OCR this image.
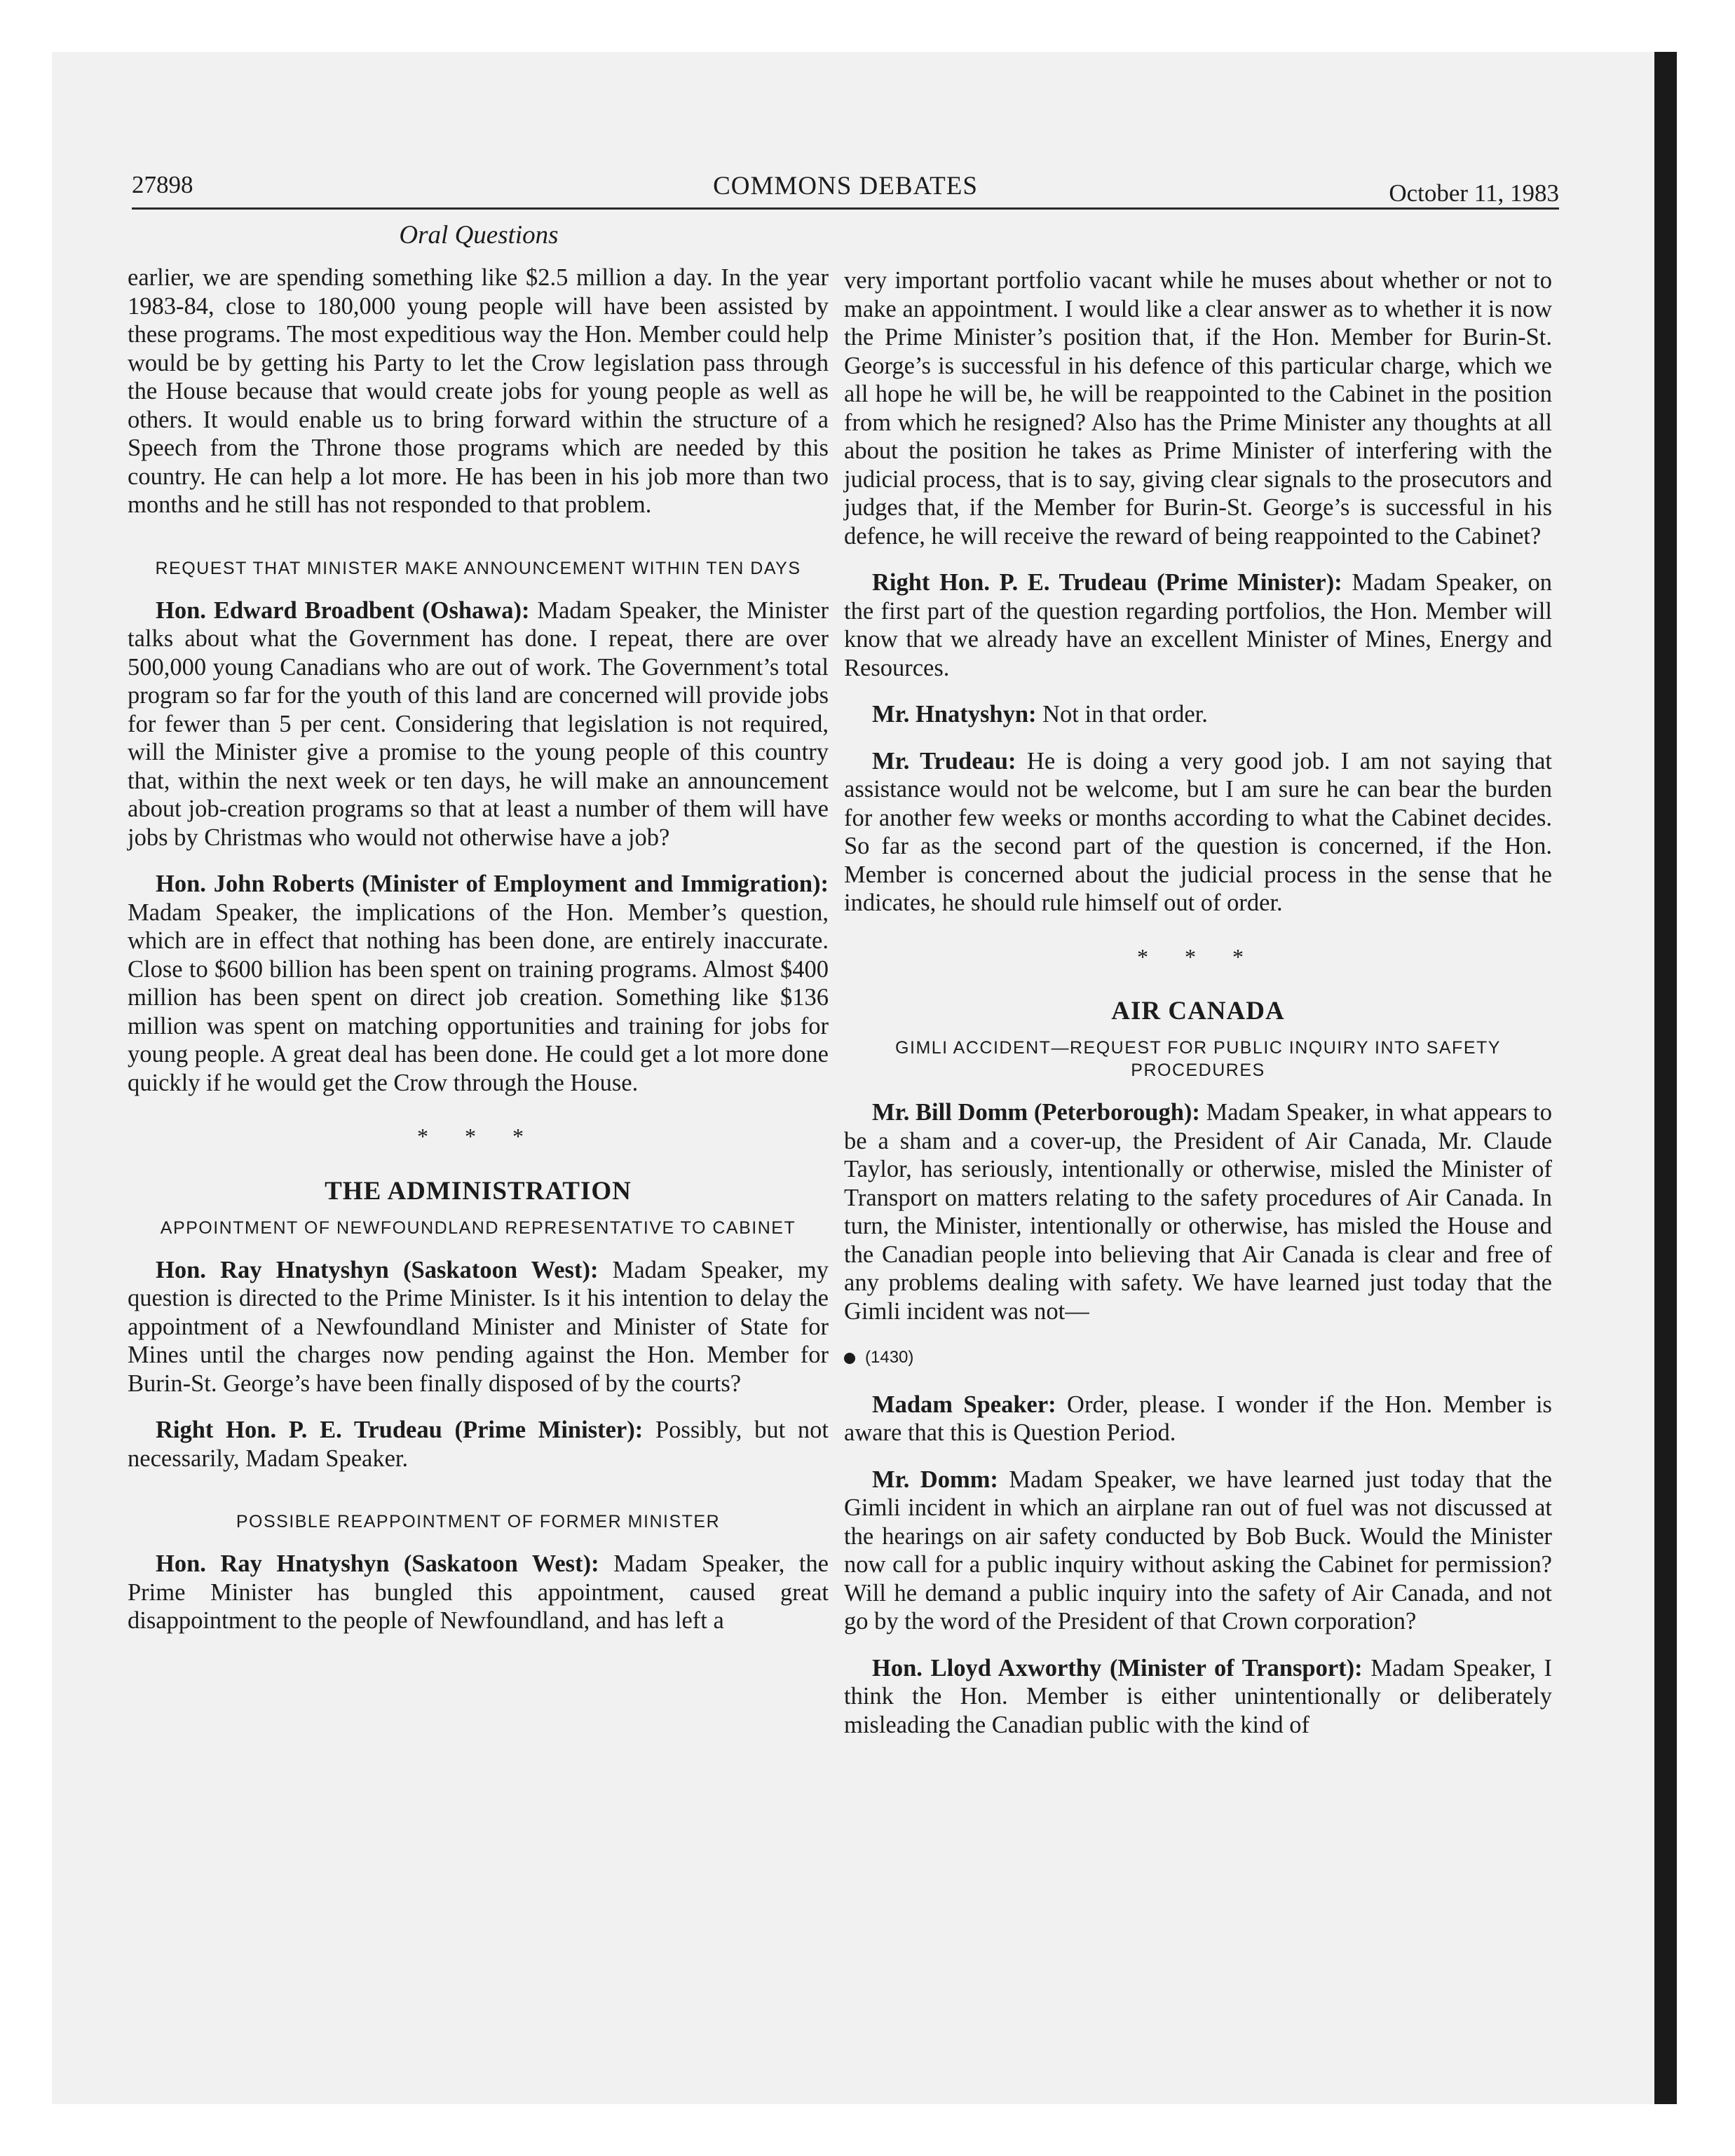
27898	COMMONS DEBATES	October 11, 1983
Oral Questions

earlier, we are spending something like $2.5 million a day. In the year 1983-84, close to 180,000 young people will have been assisted by these programs. The most expeditious way the Hon. Member could help would be by getting his Party to let the Crow legislation pass through the House because that would create jobs for young people as well as others. It would enable us to bring forward within the structure of a Speech from the Throne those programs which are needed by this country. He can help a lot more. He has been in his job more than two months and he still has not responded to that problem.

REQUEST THAT MINISTER MAKE ANNOUNCEMENT WITHIN TEN DAYS

Hon. Edward Broadbent (Oshawa): Madam Speaker, the Minister talks about what the Government has done. I repeat, there are over 500,000 young Canadians who are out of work. The Government’s total program so far for the youth of this land are concerned will provide jobs for fewer than 5 per cent. Considering that legislation is not required, will the Minister give a promise to the young people of this country that, within the next week or ten days, he will make an announcement about job-creation programs so that at least a number of them will have jobs by Christmas who would not otherwise have a job?

Hon. John Roberts (Minister of Employment and Immigration): Madam Speaker, the implications of the Hon. Member’s question, which are in effect that nothing has been done, are entirely inaccurate. Close to $600 billion has been spent on training programs. Almost $400 million has been spent on direct job creation. Something like $136 million was spent on matching opportunities and training for jobs for young people. A great deal has been done. He could get a lot more done quickly if he would get the Crow through the House.

* * *
THE ADMINISTRATION
APPOINTMENT OF NEWFOUNDLAND REPRESENTATIVE TO CABINET

Hon. Ray Hnatyshyn (Saskatoon West): Madam Speaker, my question is directed to the Prime Minister. Is it his intention to delay the appointment of a Newfoundland Minister and Minister of State for Mines until the charges now pending against the Hon. Member for Burin-St. George’s have been finally disposed of by the courts?

Right Hon. P. E. Trudeau (Prime Minister): Possibly, but not necessarily, Madam Speaker.

POSSIBLE REAPPOINTMENT OF FORMER MINISTER

Hon. Ray Hnatyshyn (Saskatoon West): Madam Speaker, the Prime Minister has bungled this appointment, caused great disappointment to the people of Newfoundland, and has left a

very important portfolio vacant while he muses about whether or not to make an appointment. I would like a clear answer as to whether it is now the Prime Minister’s position that, if the Hon. Member for Burin-St. George’s is successful in his defence of this particular charge, which we all hope he will be, he will be reappointed to the Cabinet in the position from which he resigned? Also has the Prime Minister any thoughts at all about the position he takes as Prime Minister of interfering with the judicial process, that is to say, giving clear signals to the prosecutors and judges that, if the Member for Burin-St. George’s is successful in his defence, he will receive the reward of being reappointed to the Cabinet?

Right Hon. P. E. Trudeau (Prime Minister): Madam Speaker, on the first part of the question regarding portfolios, the Hon. Member will know that we already have an excellent Minister of Mines, Energy and Resources.

Mr. Hnatyshyn: Not in that order.

Mr. Trudeau: He is doing a very good job. I am not saying that assistance would not be welcome, but I am sure he can bear the burden for another few weeks or months according to what the Cabinet decides. So far as the second part of the question is concerned, if the Hon. Member is concerned about the judicial process in the sense that he indicates, he should rule himself out of order.

* * *
AIR CANADA
GIMLI ACCIDENT—REQUEST FOR PUBLIC INQUIRY INTO SAFETY PROCEDURES

Mr. Bill Domm (Peterborough): Madam Speaker, in what appears to be a sham and a cover-up, the President of Air Canada, Mr. Claude Taylor, has seriously, intentionally or otherwise, misled the Minister of Transport on matters relating to the safety procedures of Air Canada. In turn, the Minister, intentionally or otherwise, has misled the House and the Canadian people into believing that Air Canada is clear and free of any problems dealing with safety. We have learned just today that the Gimli incident was not—

(1430)

Madam Speaker: Order, please. I wonder if the Hon. Member is aware that this is Question Period.

Mr. Domm: Madam Speaker, we have learned just today that the Gimli incident in which an airplane ran out of fuel was not discussed at the hearings on air safety conducted by Bob Buck. Would the Minister now call for a public inquiry without asking the Cabinet for permission? Will he demand a public inquiry into the safety of Air Canada, and not go by the word of the President of that Crown corporation?

Hon. Lloyd Axworthy (Minister of Transport): Madam Speaker, I think the Hon. Member is either unintentionally or deliberately misleading the Canadian public with the kind of
